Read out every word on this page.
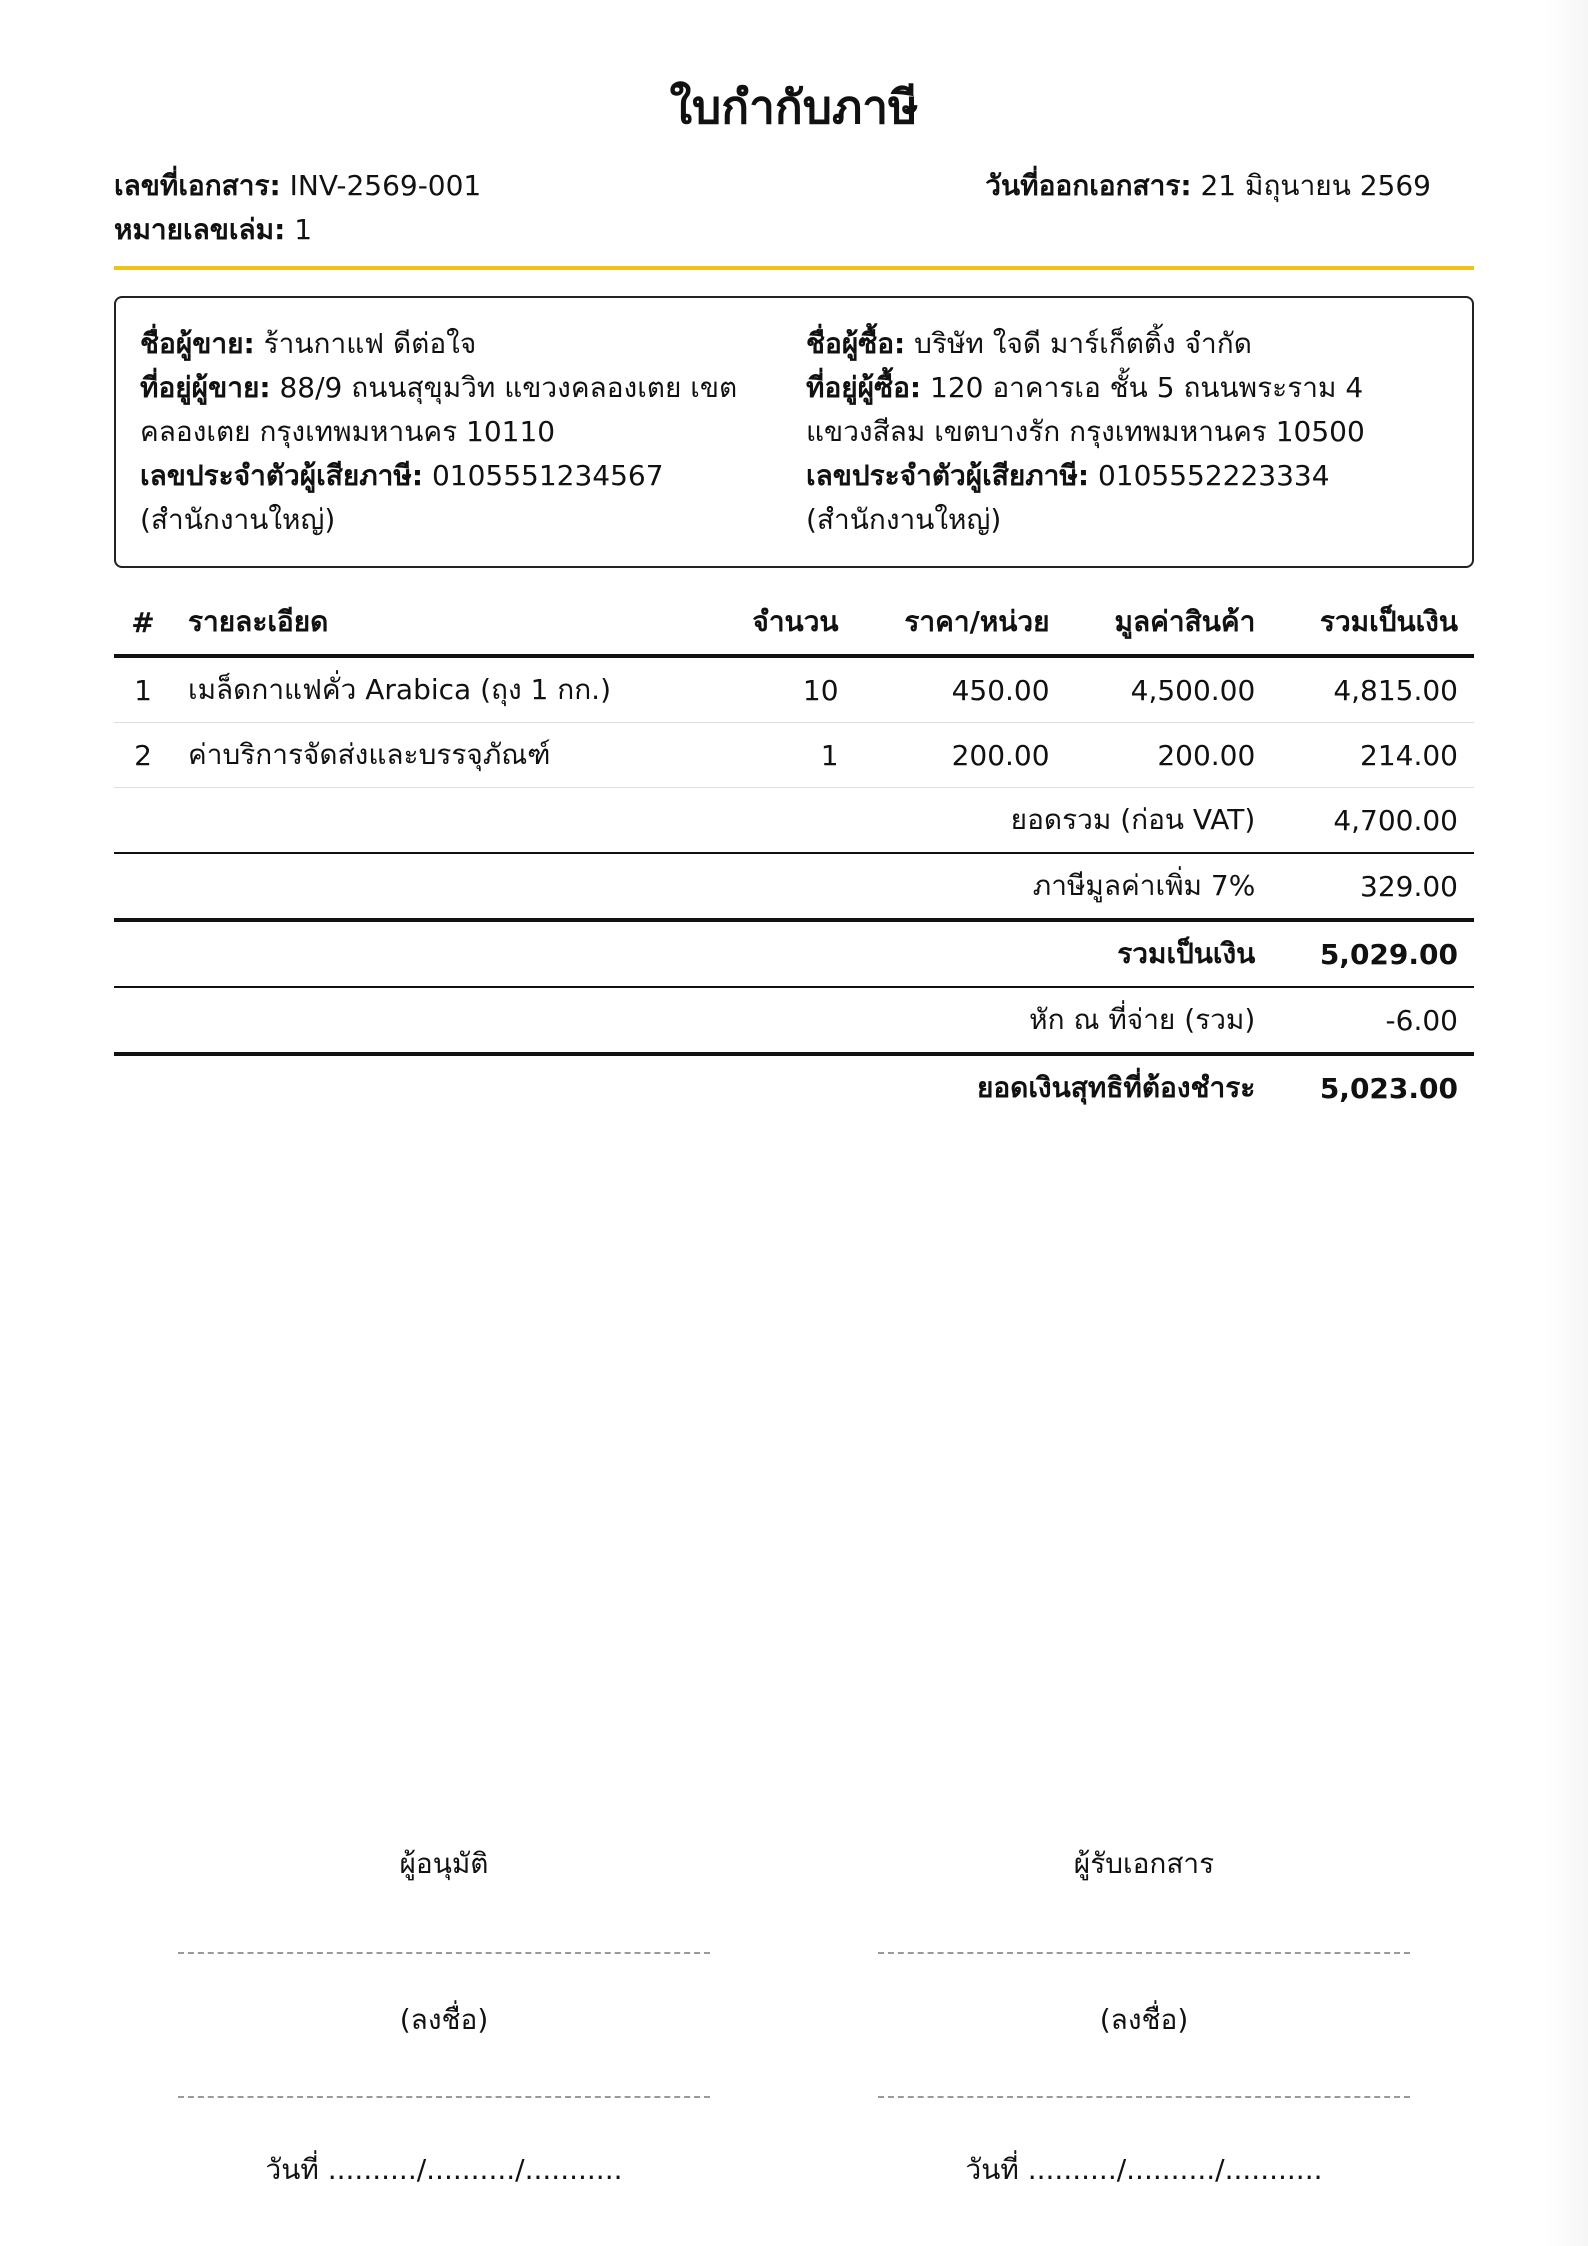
ใบกำกับภาษี
เลขที่เอกสาร: INV-2569-001
หมายเลขเล่ม: 1
วันที่ออกเอกสาร: 21 มิถุนายน 2569
ชื่อผู้ขาย: ร้านกาแฟ ดีต่อใจ
ที่อยู่ผู้ขาย: 88/9 ถนนสุขุมวิท แขวงคลองเตย เขตคลองเตย กรุงเทพมหานคร 10110
เลขประจำตัวผู้เสียภาษี: 0105551234567 (สำนักงานใหญ่)
ชื่อผู้ซื้อ: บริษัท ใจดี มาร์เก็ตติ้ง จำกัด
ที่อยู่ผู้ซื้อ: 120 อาคารเอ ชั้น 5 ถนนพระราม 4 แขวงสีลม เขตบางรัก กรุงเทพมหานคร 10500
เลขประจำตัวผู้เสียภาษี: 0105552223334 (สำนักงานใหญ่)
#	รายละเอียด	จำนวน	ราคา/หน่วย	มูลค่าสินค้า	รวมเป็นเงิน
1	เมล็ดกาแฟคั่ว Arabica (ถุง 1 กก.)	10	450.00	4,500.00	4,815.00
2	ค่าบริการจัดส่งและบรรจุภัณฑ์	1	200.00	200.00	214.00
ยอดรวม (ก่อน VAT)					4,700.00
ภาษีมูลค่าเพิ่ม 7%					329.00
รวมเป็นเงิน					5,029.00
หัก ณ ที่จ่าย (รวม)					-6.00
ยอดเงินสุทธิที่ต้องชำระ					5,023.00
ผู้อนุมัติ
(ลงชื่อ)
วันที่ ........../........../...........
ผู้รับเอกสาร
(ลงชื่อ)
วันที่ ........../........../...........
